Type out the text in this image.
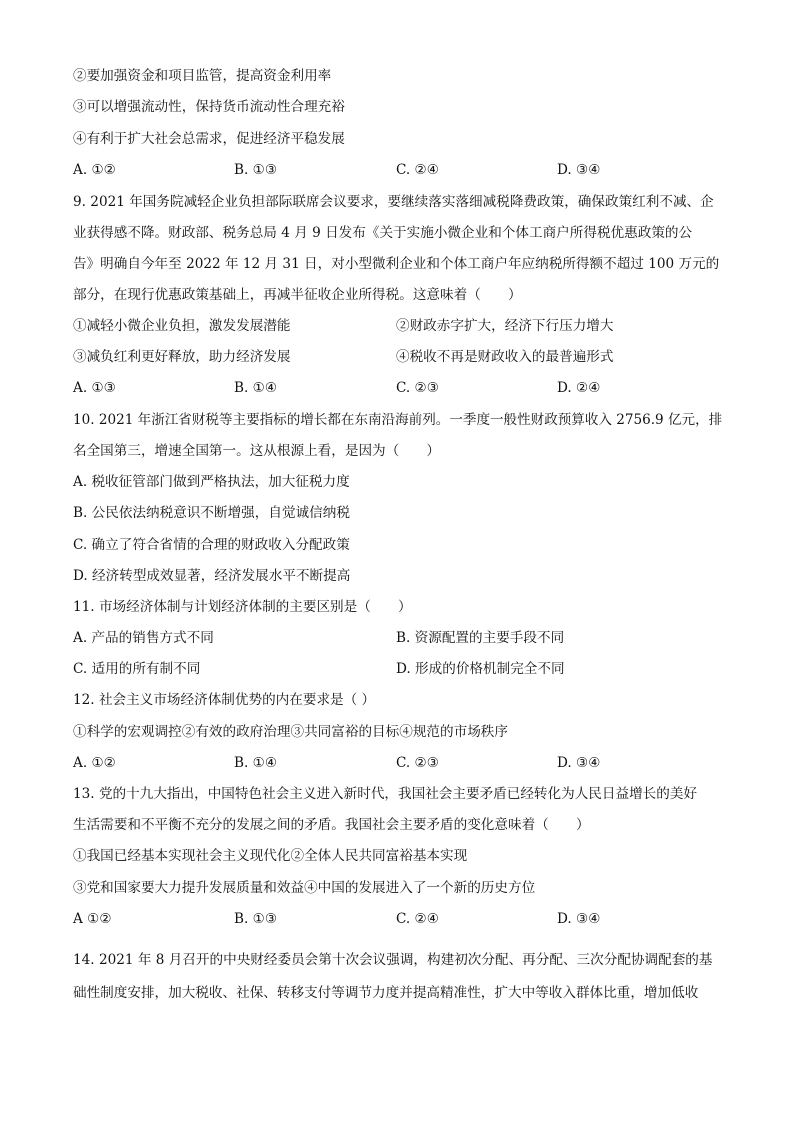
②要加强资金和项目监管，提高资金利用率
③可以增强流动性，保持货币流动性合理充裕
④有利于扩大社会总需求，促进经济平稳发展
A. ①②	B. ①③	C. ②④	D. ③④
9. 2021 年国务院减轻企业负担部际联席会议要求，要继续落实落细减税降费政策，确保政策红利不减、企
业获得感不降。财政部、税务总局 4 月 9 日发布《关于实施小微企业和个体工商户所得税优惠政策的公
告》明确自今年至 2022 年 12 月 31 日，对小型微利企业和个体工商户年应纳税所得额不超过 100 万元的
部分，在现行优惠政策基础上，再减半征收企业所得税。这意味着（　　）
①减轻小微企业负担，激发发展潜能	②财政赤字扩大，经济下行压力增大
③减负红利更好释放，助力经济发展	④税收不再是财政收入的最普遍形式
A. ①③	B. ①④	C. ②③	D. ②④
10. 2021 年浙江省财税等主要指标的增长都在东南沿海前列。一季度一般性财政预算收入 2756.9 亿元，排
名全国第三，增速全国第一。这从根源上看，是因为（　　）
A. 税收征管部门做到严格执法，加大征税力度
B. 公民依法纳税意识不断增强，自觉诚信纳税
C. 确立了符合省情的合理的财政收入分配政策
D. 经济转型成效显著，经济发展水平不断提高
11. 市场经济体制与计划经济体制的主要区别是（　　）
A. 产品的销售方式不同	B. 资源配置的主要手段不同
C. 适用的所有制不同	D. 形成的价格机制完全不同
12. 社会主义市场经济体制优势的内在要求是（ ）
①科学的宏观调控②有效的政府治理③共同富裕的目标④规范的市场秩序
A. ①②	B. ①④	C. ②③	D. ③④
13. 党的十九大指出，中国特色社会主义进入新时代，我国社会主要矛盾已经转化为人民日益增长的美好
生活需要和不平衡不充分的发展之间的矛盾。我国社会主要矛盾的变化意味着（　　）
①我国已经基本实现社会主义现代化②全体人民共同富裕基本实现
③党和国家要大力提升发展质量和效益④中国的发展进入了一个新的历史方位
A ①②	B. ①③	C. ②④	D. ③④
14. 2021 年 8 月召开的中央财经委员会第十次会议强调，构建初次分配、再分配、三次分配协调配套的基
础性制度安排，加大税收、社保、转移支付等调节力度并提高精准性，扩大中等收入群体比重，增加低收
